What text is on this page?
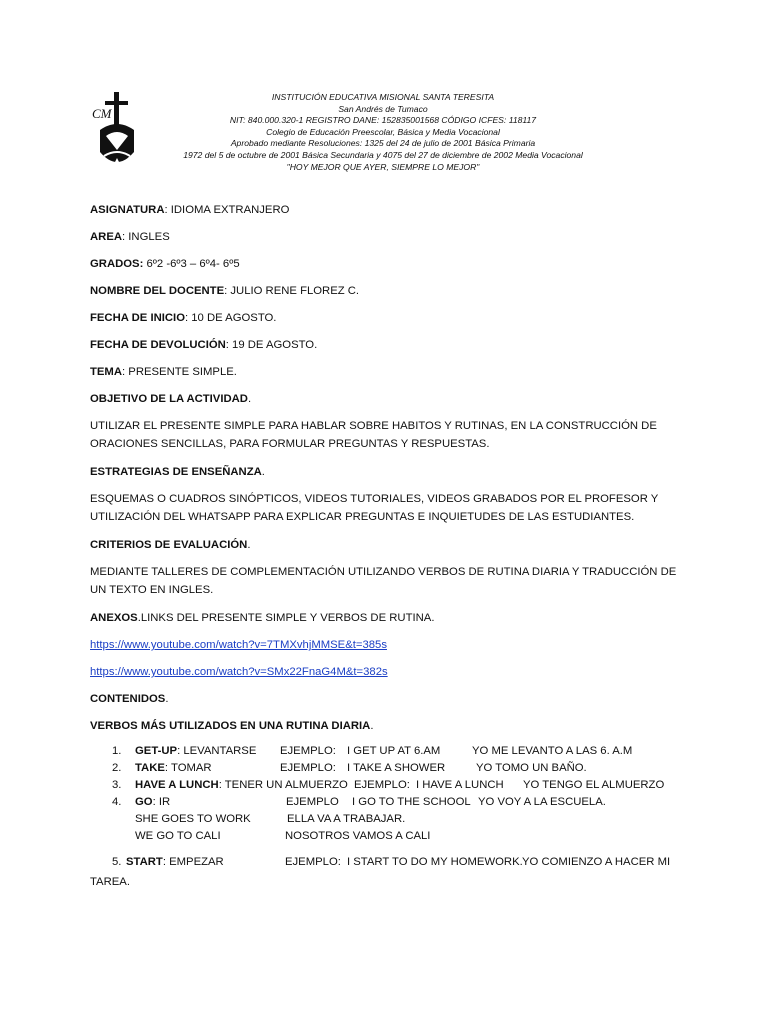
CM
INSTITUCIÓN EDUCATIVA MISIONAL SANTA TERESITA
San Andrés de Tumaco
NIT: 840.000.320-1 REGISTRO DANE: 152835001568 CÓDIGO ICFES: 118117
Colegio de Educación Preescolar, Básica y Media Vocacional
Aprobado mediante Resoluciones: 1325 del 24 de julio de 2001 Básica Primaria
1972 del 5 de octubre de 2001 Básica Secundaria y 4075 del 27 de diciembre de 2002 Media Vocacional
"HOY MEJOR QUE AYER, SIEMPRE LO MEJOR"

ASIGNATURA: IDIOMA EXTRANJERO

AREA: INGLES

GRADOS: 6º2 -6º3 – 6º4- 6º5

NOMBRE DEL DOCENTE: JULIO RENE FLOREZ C.

FECHA DE INICIO: 10 DE AGOSTO.

FECHA DE DEVOLUCIÓN: 19 DE AGOSTO.

TEMA: PRESENTE SIMPLE.

OBJETIVO DE LA ACTIVIDAD.

UTILIZAR EL PRESENTE SIMPLE PARA HABLAR SOBRE HABITOS Y RUTINAS, EN LA CONSTRUCCIÓN DE ORACIONES SENCILLAS, PARA FORMULAR PREGUNTAS Y RESPUESTAS.

ESTRATEGIAS DE ENSEÑANZA.

ESQUEMAS O CUADROS SINÓPTICOS, VIDEOS TUTORIALES, VIDEOS GRABADOS POR EL PROFESOR Y UTILIZACIÓN DEL WHATSAPP PARA EXPLICAR PREGUNTAS E INQUIETUDES DE LAS ESTUDIANTES.

CRITERIOS DE EVALUACIÓN.

MEDIANTE TALLERES DE COMPLEMENTACIÓN UTILIZANDO VERBOS DE RUTINA DIARIA Y TRADUCCIÓN DE UN TEXTO EN INGLES.

ANEXOS.LINKS DEL PRESENTE SIMPLE Y VERBOS DE RUTINA.

https://www.youtube.com/watch?v=7TMXvhjMMSE&t=385s

https://www.youtube.com/watch?v=SMx22FnaG4M&t=382s

CONTENIDOS.

VERBOS MÁS UTILIZADOS EN UNA RUTINA DIARIA.

1. GET-UP: LEVANTARSE EJEMPLO: I GET UP AT 6.AM	YO ME LEVANTO A LAS 6. A.M
2. TAKE: TOMAR	EJEMPLO: I TAKE A SHOWER	YO TOMO UN BAÑO.
3. HAVE A LUNCH: TENER UN ALMUERZO EJEMPLO: I HAVE A LUNCH YO TENGO EL ALMUERZO
4. GO: IR	EJEMPLO I GO TO THE SCHOOL YO VOY A LA ESCUELA.
SHE GOES TO WORK	ELLA VA A TRABAJAR.
WE GO TO CALI	NOSOTROS VAMOS A CALI
5. START: EMPEZAR	EJEMPLO: I START TO DO MY HOMEWORK. YO COMIENZO A HACER MI
TAREA.
